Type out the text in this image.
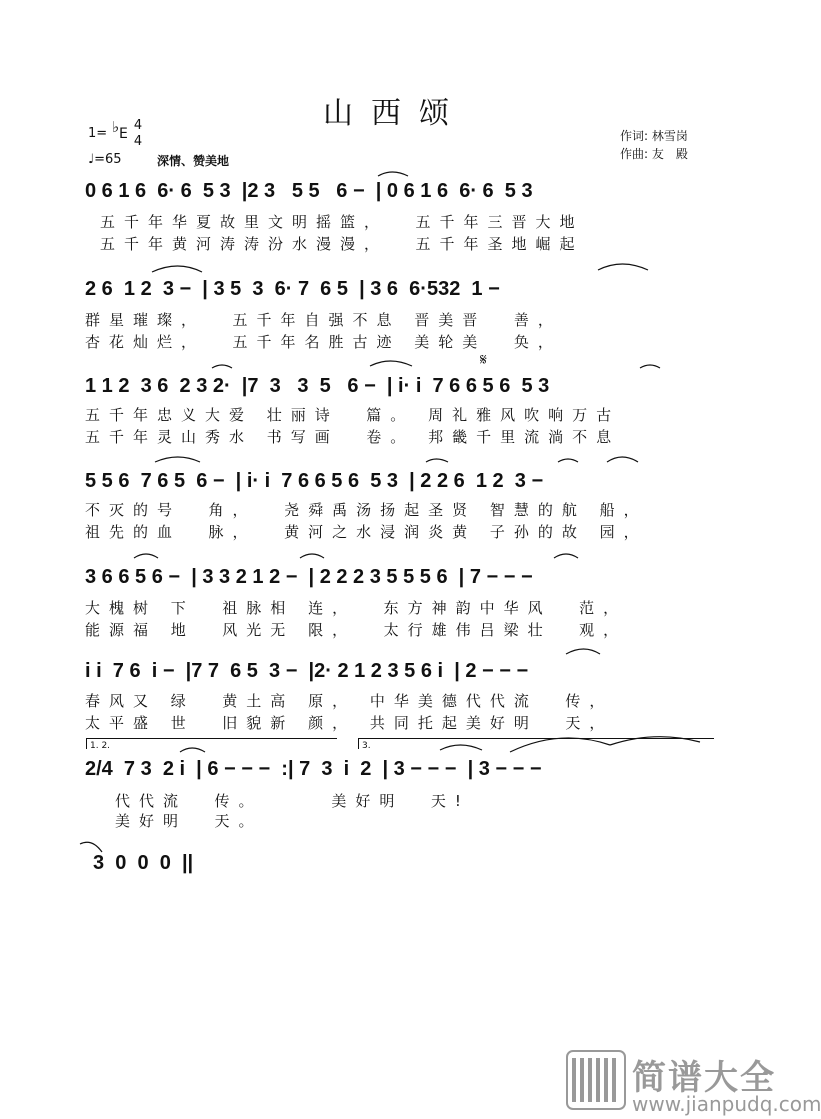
山西颂
1= ♭ E
4
4
♩=65	深情、赞美地
作词: 林雪岗
作曲: 友　殿
0 6 1 6  6· 6  5 3  |2 3   5 5   6 −  | 0 6 1 6  6· 6  5 3
五千年华夏故里文明摇篮，  五千年三晋大地
五千年黄河涛涛汾水漫漫，  五千年圣地崛起
2 6  1 2  3 −  | 3 5  3  6· 7  6 5  | 3 6  6·532  1 −
群星璀璨，  五千年自强不息 晋美晋  善，
杏花灿烂，  五千年名胜古迹 美轮美  奂，
1 1 2  3 6  2 3 2·  |7  3   3  5   6 −  | i· i  7 6 6 5 6  5 3
五千年忠义大爱 壮丽诗  篇。 周礼雅风吹响万古
五千年灵山秀水 书写画  卷。 邦畿千里流淌不息
5 5 6  7 6 5  6 −  | i· i  7 6 6 5 6  5 3  | 2 2 6  1 2  3 −
不灭的号  角，  尧舜禹汤扬起圣贤 智慧的航 船，
祖先的血  脉，  黄河之水浸润炎黄 子孙的故 园，
3 6 6 5 6 −  | 3 3 2 1 2 −  | 2 2 2 3 5 5 5 6  | 7 − − −
大槐树 下  祖脉相 连，  东方神韵中华风  范，
能源福 地  风光无 限，  太行雄伟吕梁壮  观，
i i  7 6  i −  |7 7  6 5  3 −  |2· 2 1 2 3 5 6 i  | 2 − − −
春风又 绿  黄土高 原， 中华美德代代流  传，
太平盛 世  旧貌新 颜， 共同托起美好明  天，
1. 2.	3.
2/4  7 3  2 i  | 6 − − −  :| 7  3  i  2  | 3 − − −  | 3 − − −
代代流  传。     美好明  天!
美好明  天。
3  0  0  0  ||
𝄋
简谱大全
www.jianpudq.com
